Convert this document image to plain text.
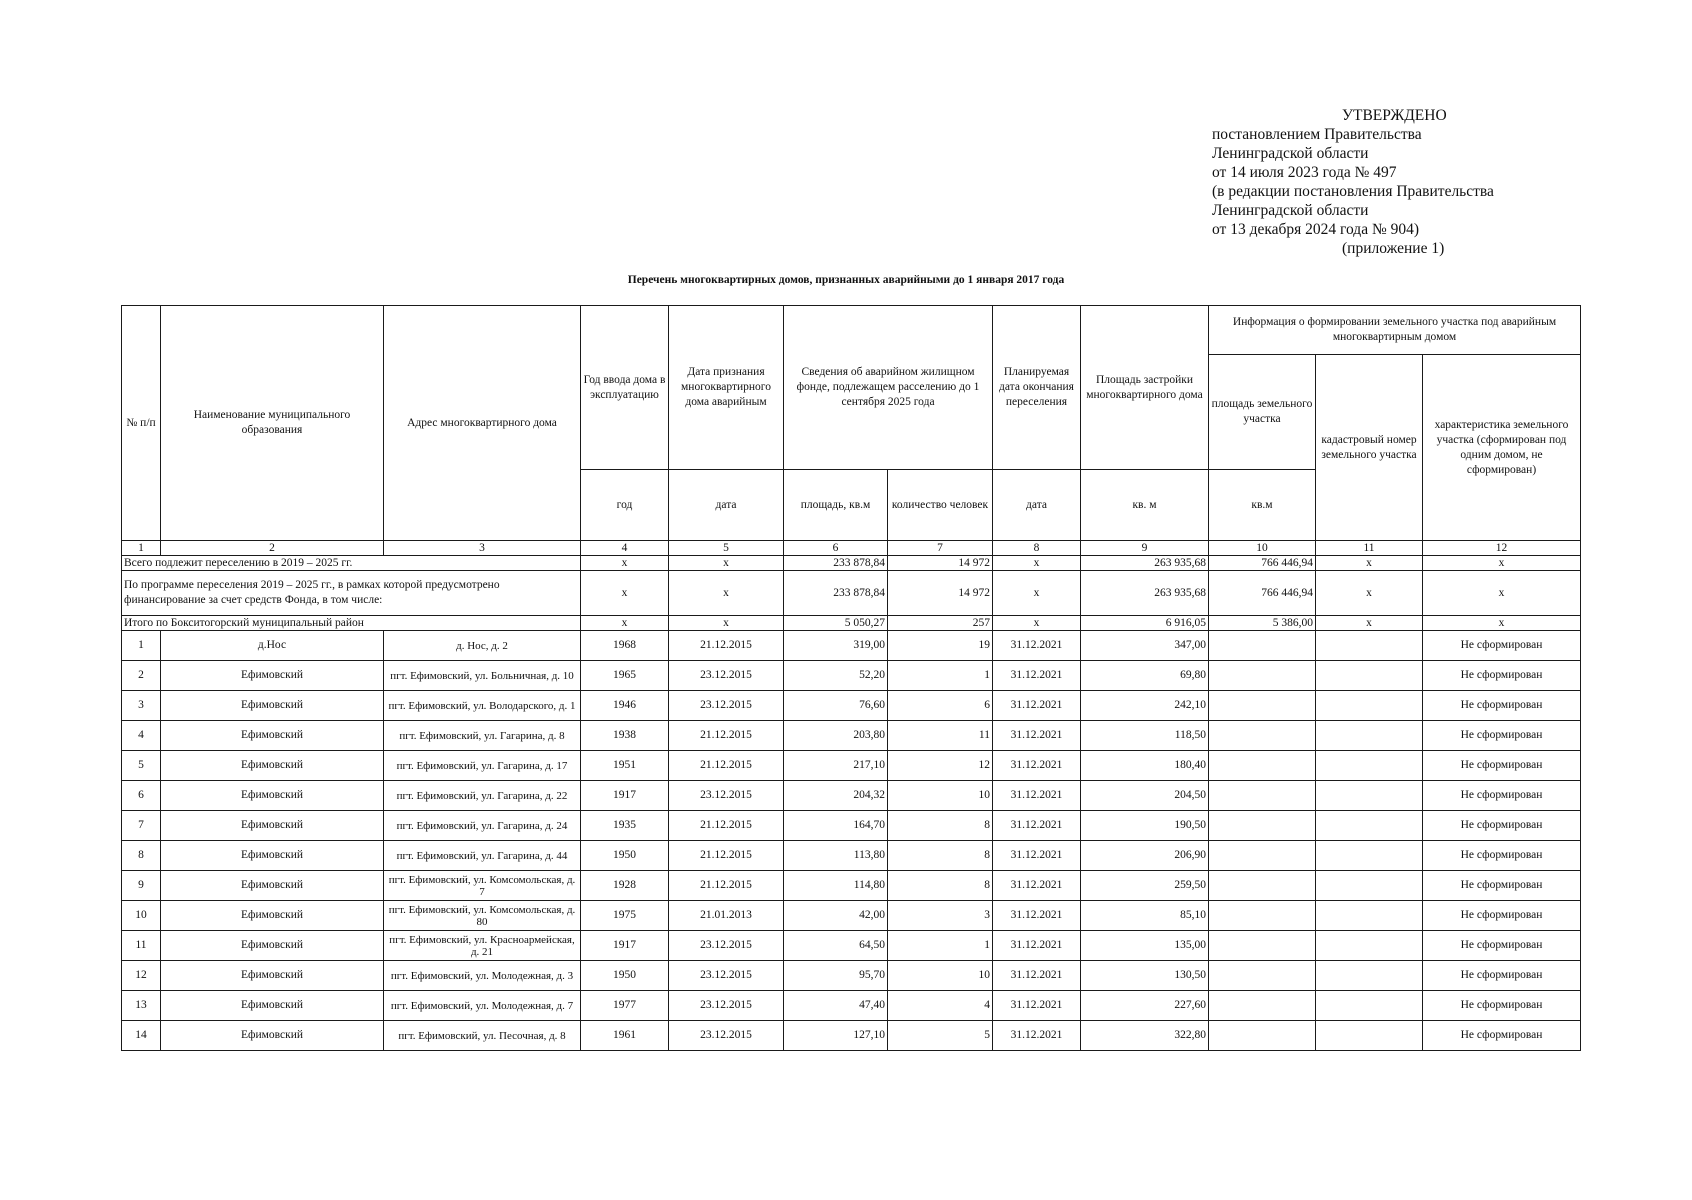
УТВЕРЖДЕНО
постановлением Правительства
Ленинградской области
от 14 июля 2023 года № 497
(в редакции постановления Правительства
Ленинградской области
от 13 декабря 2024 года № 904)
(приложение 1)
Перечень многоквартирных домов, признанных аварийными до 1 января 2017 года
№ п/п	Наименование муниципального образования	Адрес многоквартирного дома	Год ввода дома в эксплуатацию	Дата признания многоквартирного дома аварийным	Сведения об аварийном жилищном фонде, подлежащем расселению до 1 сентября 2025 года		Планируемая дата окончания переселения	Площадь застройки многоквартирного дома	Информация о формировании земельного участка под аварийным многоквартирным домом		
									площадь земельного участка	кадастровый номер земельного участка	характеристика земельного участка (сформирован под одним домом, не сформирован)
			год	дата	площадь, кв.м	количество человек	дата	кв. м	кв.м		
1	2	3	4	5	6	7	8	9	10	11	12
Всего подлежит переселению в 2019 – 2025 гг.			x	x	233 878,84	14 972	x	263 935,68	766 446,94	x	x
По программе переселения 2019 – 2025 гг., в рамках которой предусмотрено финансирование за счет средств Фонда, в том числе:			x	x	233 878,84	14 972	x	263 935,68	766 446,94	x	x
Итого по Бокситогорский муниципальный район			x	x	5 050,27	257	x	6 916,05	5 386,00	x	x
1	д.Нос	д. Нос, д. 2	1968	21.12.2015	319,00	19	31.12.2021	347,00			Не сформирован
2	Ефимовский	пгт. Ефимовский, ул. Больничная, д. 10	1965	23.12.2015	52,20	1	31.12.2021	69,80			Не сформирован
3	Ефимовский	пгт. Ефимовский, ул. Володарского, д. 1	1946	23.12.2015	76,60	6	31.12.2021	242,10			Не сформирован
4	Ефимовский	пгт. Ефимовский, ул. Гагарина, д. 8	1938	21.12.2015	203,80	11	31.12.2021	118,50			Не сформирован
5	Ефимовский	пгт. Ефимовский, ул. Гагарина, д. 17	1951	21.12.2015	217,10	12	31.12.2021	180,40			Не сформирован
6	Ефимовский	пгт. Ефимовский, ул. Гагарина, д. 22	1917	23.12.2015	204,32	10	31.12.2021	204,50			Не сформирован
7	Ефимовский	пгт. Ефимовский, ул. Гагарина, д. 24	1935	21.12.2015	164,70	8	31.12.2021	190,50			Не сформирован
8	Ефимовский	пгт. Ефимовский, ул. Гагарина, д. 44	1950	21.12.2015	113,80	8	31.12.2021	206,90			Не сформирован
9	Ефимовский	пгт. Ефимовский, ул. Комсомольская, д. 7	1928	21.12.2015	114,80	8	31.12.2021	259,50			Не сформирован
10	Ефимовский	пгт. Ефимовский, ул. Комсомольская, д. 80	1975	21.01.2013	42,00	3	31.12.2021	85,10			Не сформирован
11	Ефимовский	пгт. Ефимовский, ул. Красноармейская, д. 21	1917	23.12.2015	64,50	1	31.12.2021	135,00			Не сформирован
12	Ефимовский	пгт. Ефимовский, ул. Молодежная, д. 3	1950	23.12.2015	95,70	10	31.12.2021	130,50			Не сформирован
13	Ефимовский	пгт. Ефимовский, ул. Молодежная, д. 7	1977	23.12.2015	47,40	4	31.12.2021	227,60			Не сформирован
14	Ефимовский	пгт. Ефимовский, ул. Песочная, д. 8	1961	23.12.2015	127,10	5	31.12.2021	322,80			Не сформирован
